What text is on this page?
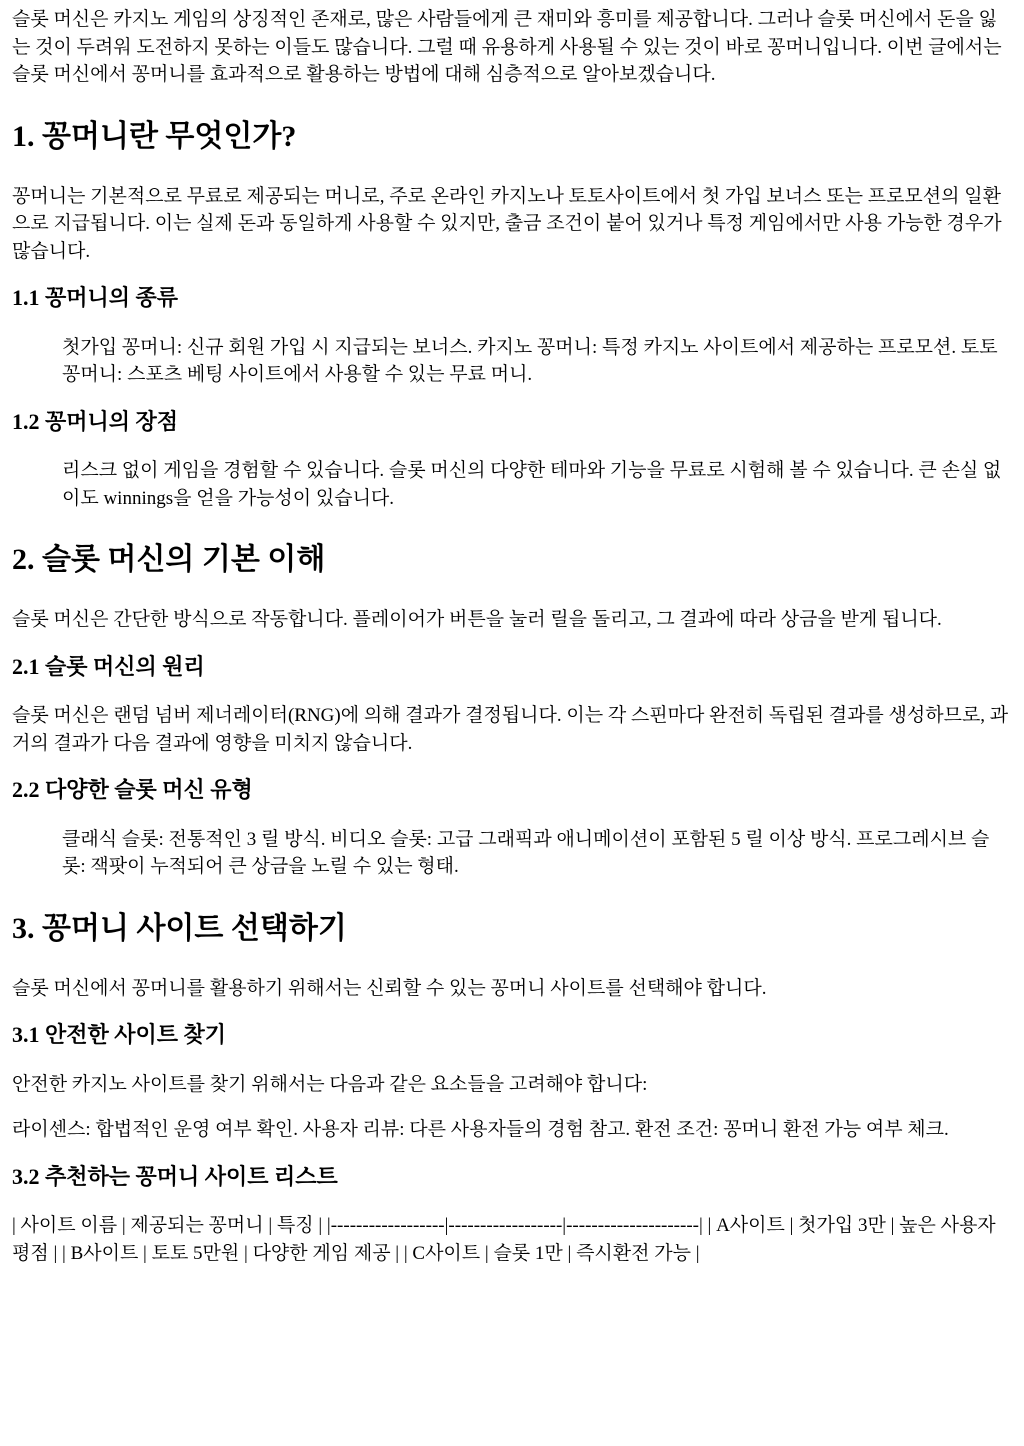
슬롯 머신은 카지노 게임의 상징적인 존재로, 많은 사람들에게 큰 재미와 흥미를 제공합니다. 그러나 슬롯 머신에서 돈을 잃는 것이 두려워 도전하지 못하는 이들도 많습니다. 그럴 때 유용하게 사용될 수 있는 것이 바로 꽁머니입니다. 이번 글에서는 슬롯 머신에서 꽁머니를 효과적으로 활용하는 방법에 대해 심층적으로 알아보겠습니다.

1. 꽁머니란 무엇인가?

꽁머니는 기본적으로 무료로 제공되는 머니로, 주로 온라인 카지노나 토토사이트에서 첫 가입 보너스 또는 프로모션의 일환으로 지급됩니다. 이는 실제 돈과 동일하게 사용할 수 있지만, 출금 조건이 붙어 있거나 특정 게임에서만 사용 가능한 경우가 많습니다.

1.1 꽁머니의 종류
첫가입 꽁머니: 신규 회원 가입 시 지급되는 보너스. 카지노 꽁머니: 특정 카지노 사이트에서 제공하는 프로모션. 토토 꽁머니: 스포츠 베팅 사이트에서 사용할 수 있는 무료 머니.
1.2 꽁머니의 장점
리스크 없이 게임을 경험할 수 있습니다. 슬롯 머신의 다양한 테마와 기능을 무료로 시험해 볼 수 있습니다. 큰 손실 없이도 winnings을 얻을 가능성이 있습니다.
2. 슬롯 머신의 기본 이해

슬롯 머신은 간단한 방식으로 작동합니다. 플레이어가 버튼을 눌러 릴을 돌리고, 그 결과에 따라 상금을 받게 됩니다.

2.1 슬롯 머신의 원리

슬롯 머신은 랜덤 넘버 제너레이터(RNG)에 의해 결과가 결정됩니다. 이는 각 스핀마다 완전히 독립된 결과를 생성하므로, 과거의 결과가 다음 결과에 영향을 미치지 않습니다.

2.2 다양한 슬롯 머신 유형
클래식 슬롯: 전통적인 3 릴 방식. 비디오 슬롯: 고급 그래픽과 애니메이션이 포함된 5 릴 이상 방식. 프로그레시브 슬롯: 잭팟이 누적되어 큰 상금을 노릴 수 있는 형태.
3. 꽁머니 사이트 선택하기

슬롯 머신에서 꽁머니를 활용하기 위해서는 신뢰할 수 있는 꽁머니 사이트를 선택해야 합니다.

3.1 안전한 사이트 찾기

안전한 카지노 사이트를 찾기 위해서는 다음과 같은 요소들을 고려해야 합니다:

라이센스: 합법적인 운영 여부 확인. 사용자 리뷰: 다른 사용자들의 경험 참고. 환전 조건: 꽁머니 환전 가능 여부 체크.

3.2 추천하는 꽁머니 사이트 리스트

| 사이트 이름 | 제공되는 꽁머니 | 특징 | |------------------|------------------|---------------------| | A사이트 | 첫가입 3만 | 높은 사용자 평점 | | B사이트 | 토토 5만원 | 다양한 게임 제공 | | C사이트 | 슬롯 1만 | 즉시환전 가능 |
